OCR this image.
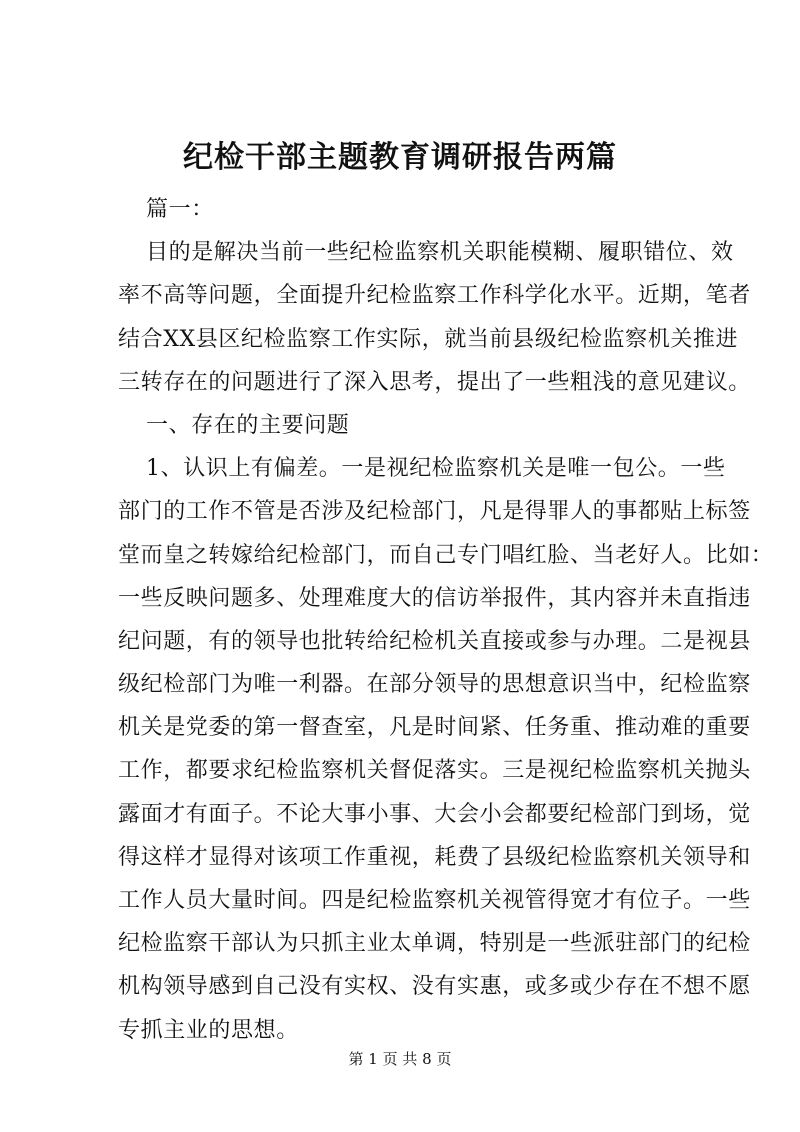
纪检干部主题教育调研报告两篇
篇一：
目的是解决当前一些纪检监察机关职能模糊、履职错位、效
率不高等问题，全面提升纪检监察工作科学化水平。近期，笔者
结合XX县区纪检监察工作实际，就当前县级纪检监察机关推进
三转存在的问题进行了深入思考，提出了一些粗浅的意见建议。
一、存在的主要问题
1、认识上有偏差。一是视纪检监察机关是唯一包公。一些
部门的工作不管是否涉及纪检部门，凡是得罪人的事都贴上标签
堂而皇之转嫁给纪检部门，而自己专门唱红脸、当老好人。比如：
一些反映问题多、处理难度大的信访举报件，其内容并未直指违
纪问题，有的领导也批转给纪检机关直接或参与办理。二是视县
级纪检部门为唯一利器。在部分领导的思想意识当中，纪检监察
机关是党委的第一督查室，凡是时间紧、任务重、推动难的重要
工作，都要求纪检监察机关督促落实。三是视纪检监察机关抛头
露面才有面子。不论大事小事、大会小会都要纪检部门到场，觉
得这样才显得对该项工作重视，耗费了县级纪检监察机关领导和
工作人员大量时间。四是纪检监察机关视管得宽才有位子。一些
纪检监察干部认为只抓主业太单调，特别是一些派驻部门的纪检
机构领导感到自己没有实权、没有实惠，或多或少存在不想不愿
专抓主业的思想。
第 1 页 共 8 页
